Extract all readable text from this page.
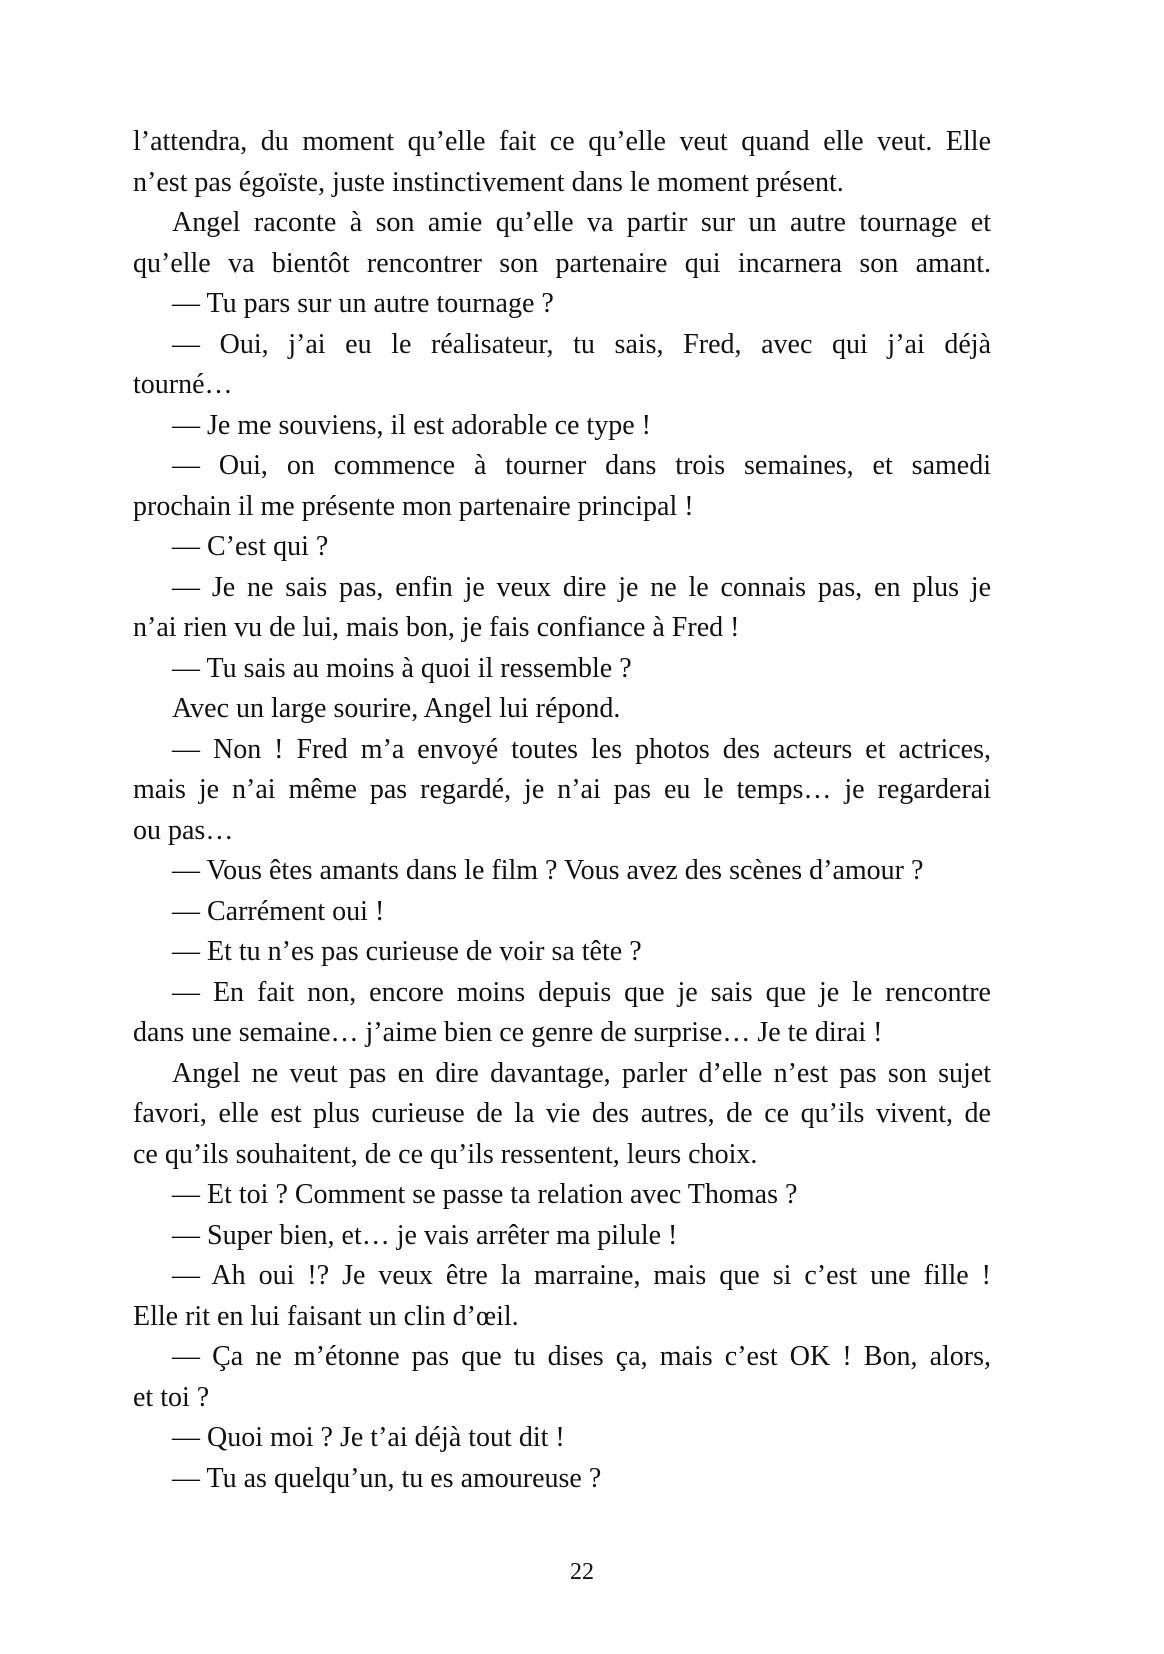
l’attendra, du moment qu’elle fait ce qu’elle veut quand elle veut. Elle
n’est pas égoïste, juste instinctivement dans le moment présent.
Angel raconte à son amie qu’elle va partir sur un autre tournage et
qu’elle va bientôt rencontrer son partenaire qui incarnera son amant.
— Tu pars sur un autre tournage ?
— Oui, j’ai eu le réalisateur, tu sais, Fred, avec qui j’ai déjà
tourné…
— Je me souviens, il est adorable ce type !
— Oui, on commence à tourner dans trois semaines, et samedi
prochain il me présente mon partenaire principal !
— C’est qui ?
— Je ne sais pas, enfin je veux dire je ne le connais pas, en plus je
n’ai rien vu de lui, mais bon, je fais confiance à Fred !
— Tu sais au moins à quoi il ressemble ?
Avec un large sourire, Angel lui répond.
— Non ! Fred m’a envoyé toutes les photos des acteurs et actrices,
mais je n’ai même pas regardé, je n’ai pas eu le temps… je regarderai
ou pas…
— Vous êtes amants dans le film ? Vous avez des scènes d’amour ?
— Carrément oui !
— Et tu n’es pas curieuse de voir sa tête ?
— En fait non, encore moins depuis que je sais que je le rencontre
dans une semaine… j’aime bien ce genre de surprise… Je te dirai !
Angel ne veut pas en dire davantage, parler d’elle n’est pas son sujet
favori, elle est plus curieuse de la vie des autres, de ce qu’ils vivent, de
ce qu’ils souhaitent, de ce qu’ils ressentent, leurs choix.
— Et toi ? Comment se passe ta relation avec Thomas ?
— Super bien, et… je vais arrêter ma pilule !
— Ah oui !? Je veux être la marraine, mais que si c’est une fille !
Elle rit en lui faisant un clin d’œil.
— Ça ne m’étonne pas que tu dises ça, mais c’est OK ! Bon, alors,
et toi ?
— Quoi moi ? Je t’ai déjà tout dit !
— Tu as quelqu’un, tu es amoureuse ?
22
